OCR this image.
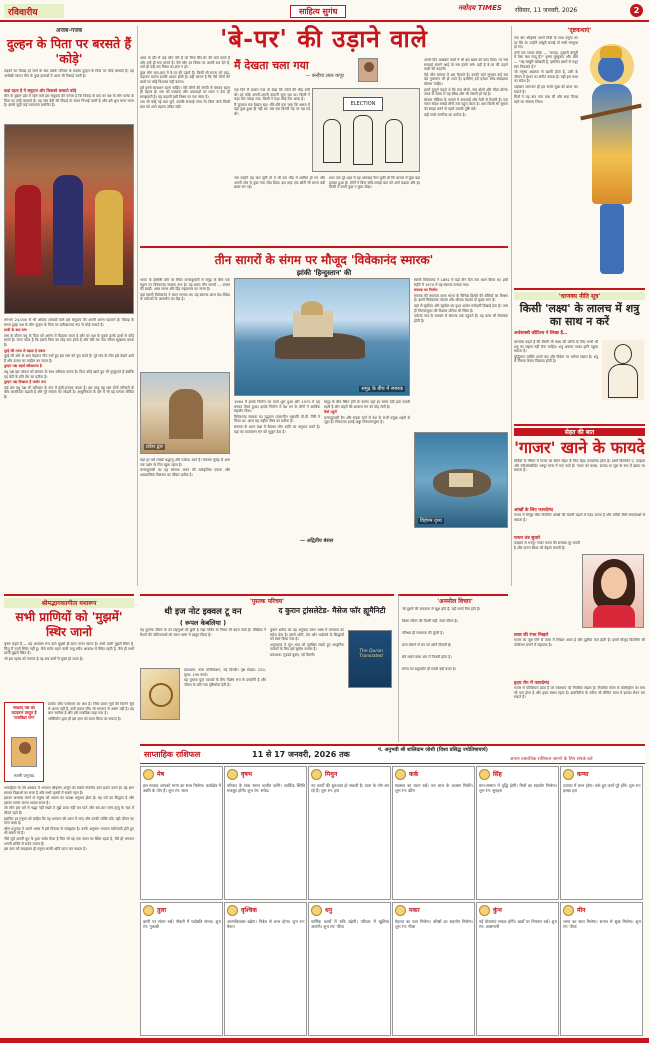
रविवारीय	साहित्य सुगंध	नवोदय TIMES रविवार, 11 जनवरी, 2026	2
अजब-गजब
दुल्हन के पिता पर बरसते हैं 'कोड़े'
लड़कों का विवाह हो जाने के बाद उसके परिवार के सदस्य दुल्हन के पिता पर कोड़े बरसाते हैं। यह अनोखी परंपरा चीन के कुछ इलाकों में आज भी निभाई जाती है।
कहां रहता है ये समुदाय और किसको बरसाते कोड़े

चीन के युन्नान प्रांत में रहने वाले इस समुदाय की परंपरा है कि विवाह के बाद वर पक्ष के लोग कन्या के पिता पर कोड़े बरसाते हैं। यह रस्म बेटी की विदाई के समय निभाई जाती है और इसे शुभ माना जाता है। इससे जुड़ी कई मान्यताएं प्रचलित हैं।

लगभग 24,000 से भी अधिक आबादी वाले इस समुदाय की अपनी अलग पहचान है। विवाह के समय दूल्हा पक्ष के लोग दुल्हन के पिता पर प्रतीकात्मक रूप से कोड़े चलाते हैं।

शादी के बाद रस्म

रस्म के दौरान वधू के पिता को आंगन में बिठाया जाता है और वर पक्ष के युवक हल्के हाथों से कोड़े मारते हैं। माना जाता है कि इससे पिता का मोह कम होता है और बेटी का नया जीवन सुखमय बनता है।

दूल्हे की तरफ से बढ़ता है दबाव

दूल्हे की ओर से आए मेहमान गीत गाते हुए इस रस्म को पूरा करते हैं। पूरे गांव के लोग इसे देखने आते हैं और उत्सव का माहौल बन जाता है।

दुल्हन पक्ष सहर्ष स्वीकारता है

वधू पक्ष इस परंपरा को सम्मान के साथ स्वीकार करता है। पिता कोड़े खाते हुए भी मुस्कुराते हैं क्योंकि यह बेटी के प्रति प्रेम का प्रतीक है।

दुल्हन पक्ष दिखाता है कठोर रूप

कई बार वधू पक्ष भी प्रतिकार के रूप में हंसी-मजाक करता है। इस तरह यह रस्म दोनों परिवारों के बीच आत्मीयता बढ़ाती है और पूरे समाज को जोड़ती है। आधुनिकता के दौर में भी यह परंपरा जीवित है।

'बे-पर' की उड़ाने वाले

आज के दौर में कई लोग ऐसे हैं जो बिना सिर-पैर की बातें करते हैं और उन्हें ही सच मानते हैं। ऐसे लोग हर विषय पर अपनी राय देते हैं, भले ही उन्हें उस विषय का ज्ञान न हो।

कुछ लोग बात-बात में बे-पर की उड़ाते हैं। किसी भी घटना को बढ़ा-चढ़ाकर बताना इनकी आदत होती है। यही कारण है कि ऐसे लोगों की बातों पर कोई विश्वास नहीं करता।

हमें इनसे सावधान रहना चाहिए। ऐसे लोगों की संगति से बचकर रहना ही बेहतर है। सच को परखना और अफवाहों पर ध्यान न देना ही समझदारी है। यह कहानी इसी विषय पर एक व्यंग्य है।

जब भी कोई नई बात सुनें, उसकी सच्चाई जांच लें। बिना जांचे किसी बात को आगे बढ़ाना उचित नहीं।

मैं देखता चला गया
— कन्हैया लाल कपूर

एक दिन मैं बाजार गया तो देखा कि लोगों की भीड़ लगी थी। हर कोई अपनी-अपनी कहानी सुना रहा था। किसी ने कहा चोर पकड़ा गया, किसी ने कहा कोई नेता आया है।

मैं चुपचाप सब देखता रहा। धीरे-धीरे पता चला कि असल में वहां कुछ हुआ ही नहीं था। बस एक बिल्ली पेड़ पर चढ़ गई थी।

ELECTION

जब उन्होंने यह बात सुनी तो वे भी उस भीड़ में शामिल हो गए और अपनी ओर से कुछ नया जोड़ दिया। इस तरह एक छोटी सी घटना बड़ी खबर बन गई।

शाम तक पूरे शहर में यह अफवाह फैल चुकी थी कि बाजार में कुछ बड़ा हादसा हुआ है। लोगों ने बिना सोचे-समझे बात को आगे बढ़ाया और हर किसी ने उसमें कुछ न कुछ जोड़ा।

अगले दिन अखबार वालों ने भी इस खबर को छाप दिया। पर जब सच्चाई सामने आई तो सब हंसने लगे। यही है बे-पर की उड़ाने वालों की कहानी।

ऐसे लोग समाज में भ्रम फैलाते हैं। उनकी बातें सुनकर कई बार बड़े नुकसान भी हो जाते हैं। इसलिए हमें हमेशा सोच-समझकर बोलना चाहिए।

हमारे बुजुर्ग कहते थे कि कम बोलो, सच बोलो और मीठा बोलो। आज के समय में यह सीख और भी जरूरी हो गई है।

सोशल मीडिया के जमाने में अफवाहें और तेजी से फैलती हैं। एक गलत संदेश लाखों लोगों तक पहुंच जाता है। अतः किसी भी सूचना को साझा करने से पहले उसकी पुष्टि करें।

यही सच्चे नागरिक का कर्तव्य है।

तीन सागरों के संगम पर मौजूद 'विवेकानंद स्मारक'
झांकी 'हिन्दुस्तान' की

भारत के दक्षिणी छोर पर स्थित कन्याकुमारी में समुद्र के बीच एक चट्टान पर विवेकानंद स्मारक बना है। यह स्थान तीन सागरों — बंगाल की खाड़ी, अरब सागर और हिंद महासागर का संगम है।

यहां स्वामी विवेकानंद ने ध्यान लगाया था। यह स्मारक आज देश-विदेश के पर्यटकों के आकर्षण का केंद्र है।

समुद्र के बीच में स्मारक

स्वामी विवेकानंद ने 1892 में यहां तीन दिन तक ध्यान किया था। इसी स्मृति में 1970 में यह स्मारक बनाया गया।

स्मारक का निर्माण

स्मारक की स्थापत्य कला भारत के विभिन्न हिस्सों की शैलियों का मिश्रण है। इसमें विवेकानंद मंडपम और श्रीपाद मंडपम दो मुख्य भाग हैं।

यहां से सूर्योदय और सूर्यास्त का दृश्य अत्यंत मनोहारी दिखाई देता है। पास ही तिरुवल्लुवर की विशाल प्रतिमा भी स्थित है।

पर्यटक नाव के माध्यम से स्मारक तक पहुंचते हैं। यह यात्रा भी रोमांचक होती है।

प्रवेश द्वार

1964 में इसके निर्माण का कार्य शुरू हुआ और 1970 में यह बनकर तैयार हुआ। इसके निर्माण में देश भर के लोगों ने आर्थिक सहयोग दिया।

विवेकानंद स्मारक का उद्घाटन तत्कालीन राष्ट्रपति वी.वी. गिरि ने किया था। आज यह राष्ट्रीय गौरव का प्रतीक है।

स्मारक के ध्यान कक्ष में बैठकर लोग शांति का अनुभव करते हैं। यहां का वातावरण मन को सुकून देता है।

समुद्र के बीच स्थित होने के कारण यहां हर समय ठंडी हवा चलती रहती है और लहरों की आवाज मन को मोह लेती है।

कैसे पहुंचें

कन्याकुमारी रेल और सड़क मार्ग से देश के सभी प्रमुख शहरों से जुड़ा है। निकटतम हवाई अड्डा तिरुवनंतपुरम है।

यहां हर वर्ष लाखों श्रद्धालु और पर्यटक आते हैं। स्मारक सुबह से शाम तक दर्शन के लिए खुला रहता है।

कन्याकुमारी का यह स्मारक भारत की सांस्कृतिक एकता और आध्यात्मिक विरासत का जीवंत प्रतीक है।

विहंगम दृश्य
— अद्वितीय बंसल
श्रीमद्भागवतगीता यथारूप
सभी प्राणियों को 'मुझमें' स्थिर जानो

कृष्ण कहते हैं — यह अव्यक्त रूप वाले मुझसे ही सारा जगत व्याप्त है। सभी प्राणी मुझमें स्थित हैं, किंतु मैं उनमें स्थित नहीं हूं। जैसे सर्वत्र बहने वाली वायु सदैव आकाश में स्थित रहती है, वैसे ही सभी प्राणी मुझमें स्थित हैं।

जो इस रहस्य को जानता है वह सब कर्मों से मुक्त हो जाता है।

साक्षात् यज्ञ का उदाहरण प्रस्तुत है 'राजविद्या योग'
स्वामी प्रभुपाद

प्रत्येक जीव परमेश्वर का अंश है। जिस प्रकार सूर्य की किरणें सूर्य से अलग नहीं हैं, उसी प्रकार जीव भी भगवान से अलग नहीं है। यह ज्ञान सर्वोच्च है और इसे राजविद्या कहा गया है।

भक्तियोग द्वारा ही इस ज्ञान को प्राप्त किया जा सकता है।

भगवद्गीता के नवें अध्याय में भगवान श्रीकृष्ण अर्जुन को सबसे गोपनीय ज्ञान प्रदान करते हैं। यह ज्ञान समस्त विद्याओं का राजा है और सभी रहस्यों में सबसे गहन है।

इसका अभ्यास करने से मनुष्य को आत्मा का प्रत्यक्ष अनुभव होता है। यह धर्म का सिद्धांत है और इसका पालन करना अत्यंत सरल है।

जो लोग इस धर्म में श्रद्धा नहीं रखते वे मुझे प्राप्त नहीं कर पाते और बार-बार जन्म-मृत्यु के चक्र में लौटते रहते हैं।

इसलिए हर मनुष्य को चाहिए कि वह भगवान की शरण में जाए और उनकी भक्ति करे। यही जीवन का परम लक्ष्य है।

श्रील प्रभुपाद ने अपने भाष्य में इसे विस्तार से समझाया है। उनके अनुसार भगवान सर्वव्यापी होते हुए भी सबसे परे हैं।

जैसे सूर्य अपनी धूप के द्वारा सर्वत्र फैला है फिर भी वह एक स्थान पर स्थित रहता है, वैसे ही भगवान अपनी शक्ति से सर्वत्र व्याप्त हैं।

इस ज्ञान को समझकर ही मनुष्य सच्ची शांति प्राप्त कर सकता है।

'पुस्तक परिचय'
थी इज नोट इक्वल टू वन
( रूपल केबलिया )

यह पुस्तक जीवन के उन पहलुओं को छूती है जहां गणित के नियम भी बदल जाते हैं। लेखिका ने रिश्तों की जटिलताओं को सरल भाषा में प्रस्तुत किया है।

प्रकाशक: रूपा पब्लिकेशन, नई दिल्ली। पृष्ठ संख्या: 220, मूल्य: 199 रुपये।

यह पुस्तक युवा पाठकों के लिए विशेष रूप से उपयोगी है और जीवन के प्रति नया दृष्टिकोण देती है।

द कुरान ट्रांसलेटेड- मैसेज फॉर ह्यूमैनिटी

कुरान शरीफ का यह अनुवाद सरल भाषा में मानवता का संदेश देता है। इसमें शांति, प्रेम और भाईचारे के सिद्धांतों को स्पष्ट किया गया है।

अनुवादक ने मूल भाव को सुरक्षित रखते हुए आधुनिक पाठकों के लिए इसे सुबोध बनाया है।

प्रकाशक: गुडवर्ड बुक्स, नई दिल्ली।

The Quran Translated
'अनमोल विचार'
जो दूसरों की सफलता से खुश होते हैं, वही सच्चे मित्र होते हैं।
शिक्षा जीवन की तैयारी नहीं, स्वयं जीवन है।
परिश्रम ही सफलता की कुंजी है।
सत्य बोलने से मन को शांति मिलती है।
धैर्य रखने वाला अंत में विजयी होता है।
समय का सदुपयोग ही सबसे बड़ी बचत है।
'दृष्टकथाएं'

एक बार श्रीकृष्ण अपने मित्रों के साथ यमुना तट पर बैठे थे। उन्होंने बांसुरी बजाई तो सभी मंत्रमुग्ध हो गए।

तभी एक ग्वाला बोला — "कान्हा, तुम्हारी बांसुरी में ऐसा क्या जादू है?" कृष्ण मुस्कुराए और बोले — "यह बांसुरी खोखली है, इसलिए इसमें से मधुर स्वर निकलते हैं।"

जो मनुष्य अहंकार से खाली होता है, उसी के जीवन में ईश्वर का संगीत बजता है। यही इस कथा का संदेश है।

अहंकार त्यागकर ही हम सच्चे सुख को प्राप्त कर सकते हैं।

मित्रों ने यह बात गांठ बांध ली और सदा विनम्र रहने का संकल्प लिया।

'चाणक्य नीति सूत्र'
किसी 'लक्ष्य' के लालच में शत्रु का साथ न करें
अर्थशास्त्री कौटिल्य ने लिखा है…

चाणक्य कहते हैं कि किसी भी लक्ष्य की प्राप्ति के लिए कभी भी शत्रु का सहारा नहीं लेना चाहिए। शत्रु अवसर पाकर हानि पहुंचा सकता है।

बुद्धिमान व्यक्ति अपने बल और विवेक पर भरोसा रखता है। शत्रु से मित्रता केवल दिखावा होती है।

सेहत की बात
'गाजर' खाने के फायदे

सर्दियों के मौसम में गाजर का सेवन सेहत के लिए बेहद फायदेमंद होता है। इसमें विटामिन ए, फाइबर और एंटीऑक्सीडेंट भरपूर मात्रा में पाए जाते हैं। गाजर को कच्चा, सलाद या जूस के रूप में खाया जा सकता है।

आंखों के लिए फायदेमंद

गाजर में मौजूद बीटा कैरोटीन आंखों की रोशनी बढ़ाने में मदद करता है और रतौंधी जैसी समस्याओं से बचाता है।

पाचन तंत्र सुधारे

फाइबर से भरपूर गाजर कब्ज की समस्या दूर करती है और पाचन क्रिया को बेहतर बनाती है।

त्वचा की रंगत निखारे

गाजर का जूस पीने से त्वचा में निखार आता है और झुर्रियां कम होती हैं। इसमें मौजूद विटामिन सी कोलेजन बनाने में सहायक है।

हृदय रोग में फायदेमंद

गाजर में पोटैशियम होता है जो रक्तचाप को नियंत्रित रखता है। नियमित सेवन से कोलेस्ट्रॉल का स्तर भी कम होता है और हृदय स्वस्थ रहता है। डायबिटीज के मरीज भी सीमित मात्रा में इसका सेवन कर सकते हैं।

साप्ताहिक राशिफल	11 से 17 जनवरी, 2026 तक	पं. अनुभवी श्री शालिग्राम जोशी (विश्व प्रसिद्ध ज्योतिषाचार्य)
अपना वास्तविक राशिफल जानने के लिए संपर्क करें
मेष
इस सप्ताह आपको भाग्य का साथ मिलेगा। कार्यक्षेत्र में उन्नति के योग हैं। शुभ रंग: लाल
वृषभ
परिवार के साथ समय व्यतीत करेंगे। आर्थिक स्थिति मजबूत होगी। शुभ रंग: सफेद
मिथुन
नए कार्यों की शुरुआत हो सकती है। यात्रा के योग बन रहे हैं। शुभ रंग: हरा
कर्क
स्वास्थ्य का ध्यान रखें। धन लाभ के अवसर मिलेंगे। शुभ रंग: क्रीम
सिंह
मान-सम्मान में वृद्धि होगी। मित्रों का सहयोग मिलेगा। शुभ रंग: सुनहरा
कन्या
व्यापार में लाभ होगा। रुके हुए कार्य पूरे होंगे। शुभ रंग: हल्का हरा
तुला
वाणी पर संयम रखें। नौकरी में पदोन्नति संभव। शुभ रंग: गुलाबी
वृश्चिक
आत्मविश्वास बढ़ेगा। निवेश से लाभ होगा। शुभ रंग: मैरून
धनु
धार्मिक कार्यों में रुचि बढ़ेगी। परिवार में खुशियां आएंगी। शुभ रंग: पीला
मकर
मेहनत का फल मिलेगा। वरिष्ठों का सहयोग मिलेगा। शुभ रंग: नीला
कुंभ
नई योजनाएं सफल होंगी। खर्चों पर नियंत्रण रखें। शुभ रंग: आसमानी
मीन
भाग्य का साथ मिलेगा। संतान से सुख मिलेगा। शुभ रंग: पीला
